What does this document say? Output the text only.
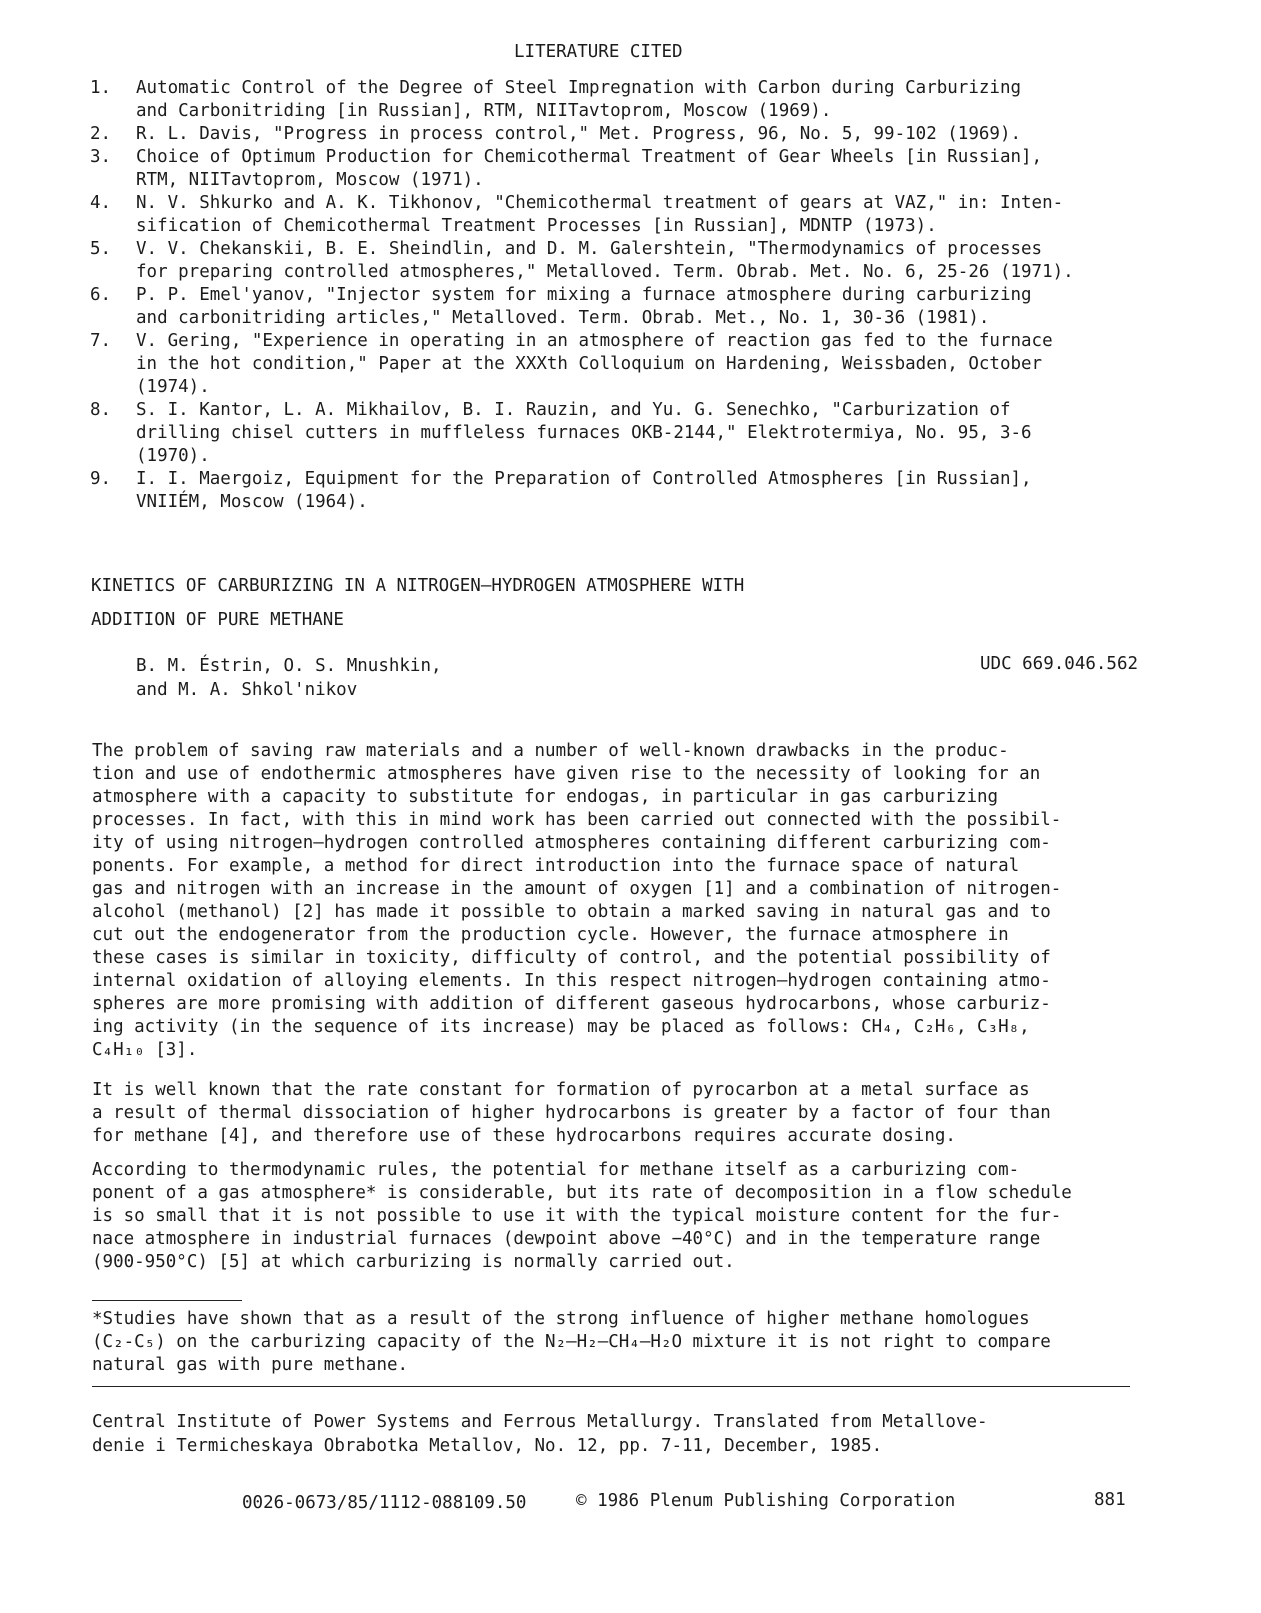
LITERATURE CITED
1.	Automatic Control of the Degree of Steel Impregnation with Carbon during Carburizing
and Carbonitriding [in Russian], RTM, NIITavtoprom, Moscow (1969).
2.	R. L. Davis, "Progress in process control," Met. Progress, 96, No. 5, 99-102 (1969).
3.	Choice of Optimum Production for Chemicothermal Treatment of Gear Wheels [in Russian],
RTM, NIITavtoprom, Moscow (1971).
4.	N. V. Shkurko and A. K. Tikhonov, "Chemicothermal treatment of gears at VAZ," in: Inten-
sification of Chemicothermal Treatment Processes [in Russian], MDNTP (1973).
5.	V. V. Chekanskii, B. E. Sheindlin, and D. M. Galershtein, "Thermodynamics of processes
for preparing controlled atmospheres," Metalloved. Term. Obrab. Met. No. 6, 25-26 (1971).
6.	P. P. Emel'yanov, "Injector system for mixing a furnace atmosphere during carburizing
and carbonitriding articles," Metalloved. Term. Obrab. Met., No. 1, 30-36 (1981).
7.	V. Gering, "Experience in operating in an atmosphere of reaction gas fed to the furnace
in the hot condition," Paper at the XXXth Colloquium on Hardening, Weissbaden, October
(1974).
8.	S. I. Kantor, L. A. Mikhailov, B. I. Rauzin, and Yu. G. Senechko, "Carburization of
drilling chisel cutters in muffleless furnaces OKB-2144," Elektrotermiya, No. 95, 3-6
(1970).
9.	I. I. Maergoiz, Equipment for the Preparation of Controlled Atmospheres [in Russian],
VNIIÉM, Moscow (1964).
KINETICS OF CARBURIZING IN A NITROGEN—HYDROGEN ATMOSPHERE WITH
ADDITION OF PURE METHANE
B. M. Éstrin, O. S. Mnushkin,
and M. A. Shkol'nikov
UDC 669.046.562

The problem of saving raw materials and a number of well-known drawbacks in the produc-
tion and use of endothermic atmospheres have given rise to the necessity of looking for an
atmosphere with a capacity to substitute for endogas, in particular in gas carburizing
processes. In fact, with this in mind work has been carried out connected with the possibil-
ity of using nitrogen—hydrogen controlled atmospheres containing different carburizing com-
ponents. For example, a method for direct introduction into the furnace space of natural
gas and nitrogen with an increase in the amount of oxygen [1] and a combination of nitrogen-
alcohol (methanol) [2] has made it possible to obtain a marked saving in natural gas and to
cut out the endogenerator from the production cycle. However, the furnace atmosphere in
these cases is similar in toxicity, difficulty of control, and the potential possibility of
internal oxidation of alloying elements. In this respect nitrogen—hydrogen containing atmo-
spheres are more promising with addition of different gaseous hydrocarbons, whose carburiz-
ing activity (in the sequence of its increase) may be placed as follows: CH₄, C₂H₆, C₃H₈,
C₄H₁₀ [3].

It is well known that the rate constant for formation of pyrocarbon at a metal surface as
a result of thermal dissociation of higher hydrocarbons is greater by a factor of four than
for methane [4], and therefore use of these hydrocarbons requires accurate dosing.

According to thermodynamic rules, the potential for methane itself as a carburizing com-
ponent of a gas atmosphere* is considerable, but its rate of decomposition in a flow schedule
is so small that it is not possible to use it with the typical moisture content for the fur-
nace atmosphere in industrial furnaces (dewpoint above −40°C) and in the temperature range
(900-950°C) [5] at which carburizing is normally carried out.

*Studies have shown that as a result of the strong influence of higher methane homologues
(C₂-C₅) on the carburizing capacity of the N₂—H₂—CH₄—H₂O mixture it is not right to compare
natural gas with pure methane.
Central Institute of Power Systems and Ferrous Metallurgy. Translated from Metallove-
denie i Termicheskaya Obrabotka Metallov, No. 12, pp. 7-11, December, 1985.
0026-0673/85/1112-088109.50	© 1986 Plenum Publishing Corporation	881
